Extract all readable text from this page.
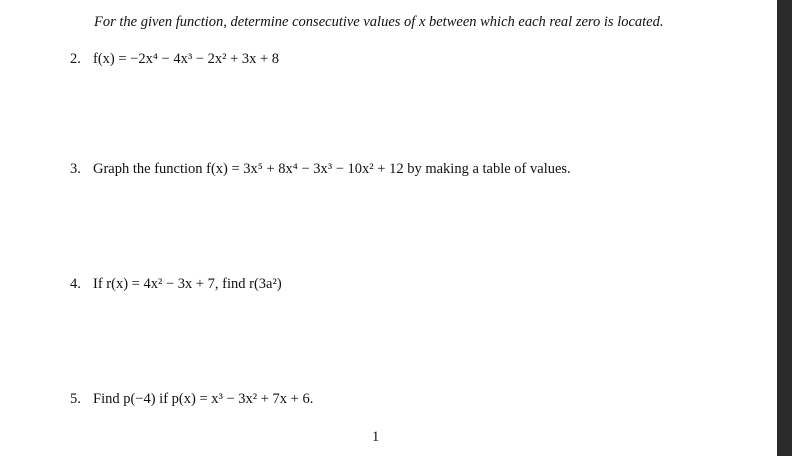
For the given function, determine consecutive values of x between which each real zero is located.
2. f(x) = −2x⁴ − 4x³ − 2x² + 3x + 8
3. Graph the function f(x) = 3x⁵ + 8x⁴ − 3x³ − 10x² + 12 by making a table of values.
4. If r(x) = 4x² − 3x + 7, find r(3a²)
5. Find p(−4) if p(x) = x³ − 3x² + 7x + 6.
1
